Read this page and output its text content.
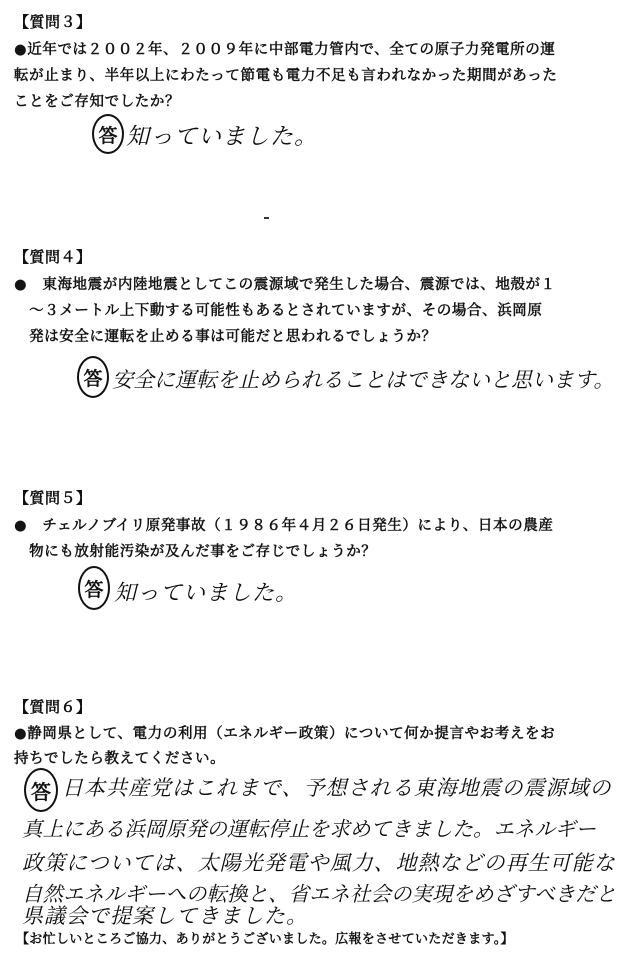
【質問３】
●近年では２００２年、２００９年に中部電力管内で、全ての原子力発電所の運
転が止まり、半年以上にわたって節電も電力不足も言われなかった期間があった
ことをご存知でしたか？
答 知っていました。
【質問４】
●　東海地震が内陸地震としてこの震源域で発生した場合、震源では、地殻が１
　～３メートル上下動する可能性もあるとされていますが、その場合、浜岡原
　発は安全に運転を止める事は可能だと思われるでしょうか？
答 安全に運転を止められることはできないと思います。
【質問５】
●　チェルノブイリ原発事故（１９８６年４月２６日発生）により、日本の農産
　物にも放射能汚染が及んだ事をご存じでしょうか？
答 知っていました。
【質問６】
●静岡県として、電力の利用（エネルギー政策）について何か提言やお考えをお
持ちでしたら教えてください。
答 日本共産党はこれまで、予想される東海地震の震源域の
真上にある浜岡原発の運転停止を求めてきました。エネルギー
政策については、太陽光発電や風力、地熱などの再生可能な
自然エネルギーへの転換と、省エネ社会の実現をめざすべきだと
県議会で提案してきました。
【お忙しいところご協力、ありがとうございました。広報をさせていただきます。】
